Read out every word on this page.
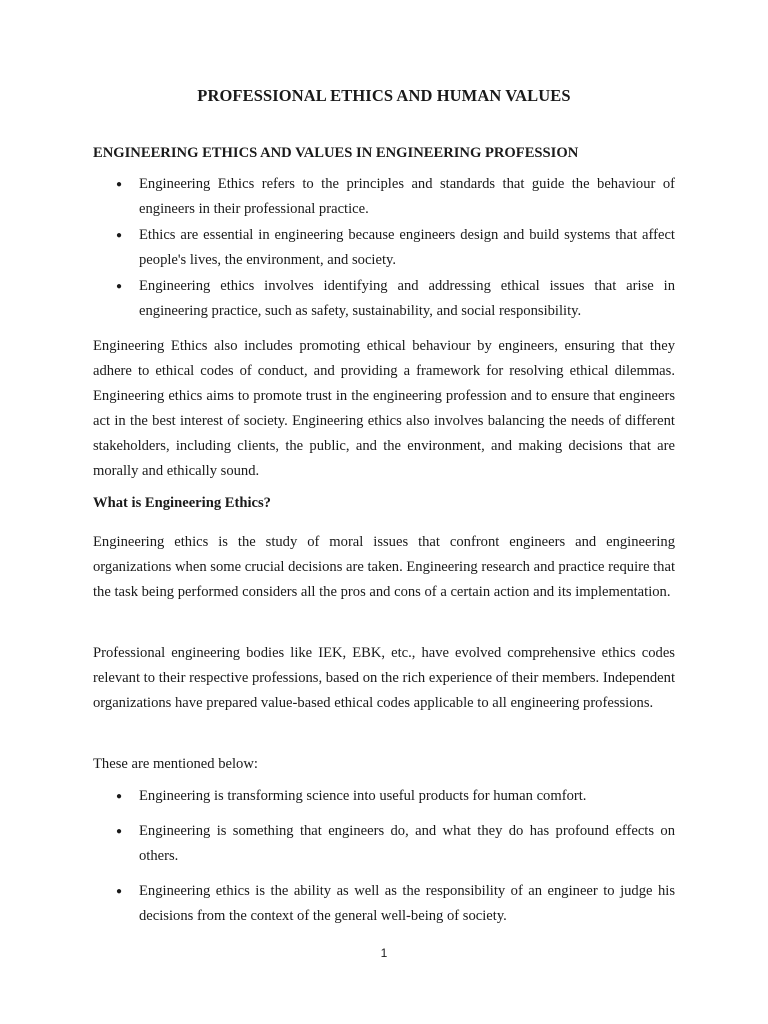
PROFESSIONAL ETHICS AND HUMAN VALUES
ENGINEERING ETHICS AND VALUES IN ENGINEERING PROFESSION
● Engineering Ethics refers to the principles and standards that guide the behaviour of engineers in their professional practice.
● Ethics are essential in engineering because engineers design and build systems that affect people's lives, the environment, and society.
● Engineering ethics involves identifying and addressing ethical issues that arise in engineering practice, such as safety, sustainability, and social responsibility.

Engineering Ethics also includes promoting ethical behaviour by engineers, ensuring that they adhere to ethical codes of conduct, and providing a framework for resolving ethical dilemmas. Engineering ethics aims to promote trust in the engineering profession and to ensure that engineers act in the best interest of society. Engineering ethics also involves balancing the needs of different stakeholders, including clients, the public, and the environment, and making decisions that are morally and ethically sound.

What is Engineering Ethics?

Engineering ethics is the study of moral issues that confront engineers and engineering organizations when some crucial decisions are taken. Engineering research and practice require that the task being performed considers all the pros and cons of a certain action and its implementation.

Professional engineering bodies like IEK, EBK, etc., have evolved comprehensive ethics codes relevant to their respective professions, based on the rich experience of their members. Independent organizations have prepared value-based ethical codes applicable to all engineering professions.

These are mentioned below:

● Engineering is transforming science into useful products for human comfort.
● Engineering is something that engineers do, and what they do has profound effects on others.
● Engineering ethics is the ability as well as the responsibility of an engineer to judge his decisions from the context of the general well-being of society.
1
